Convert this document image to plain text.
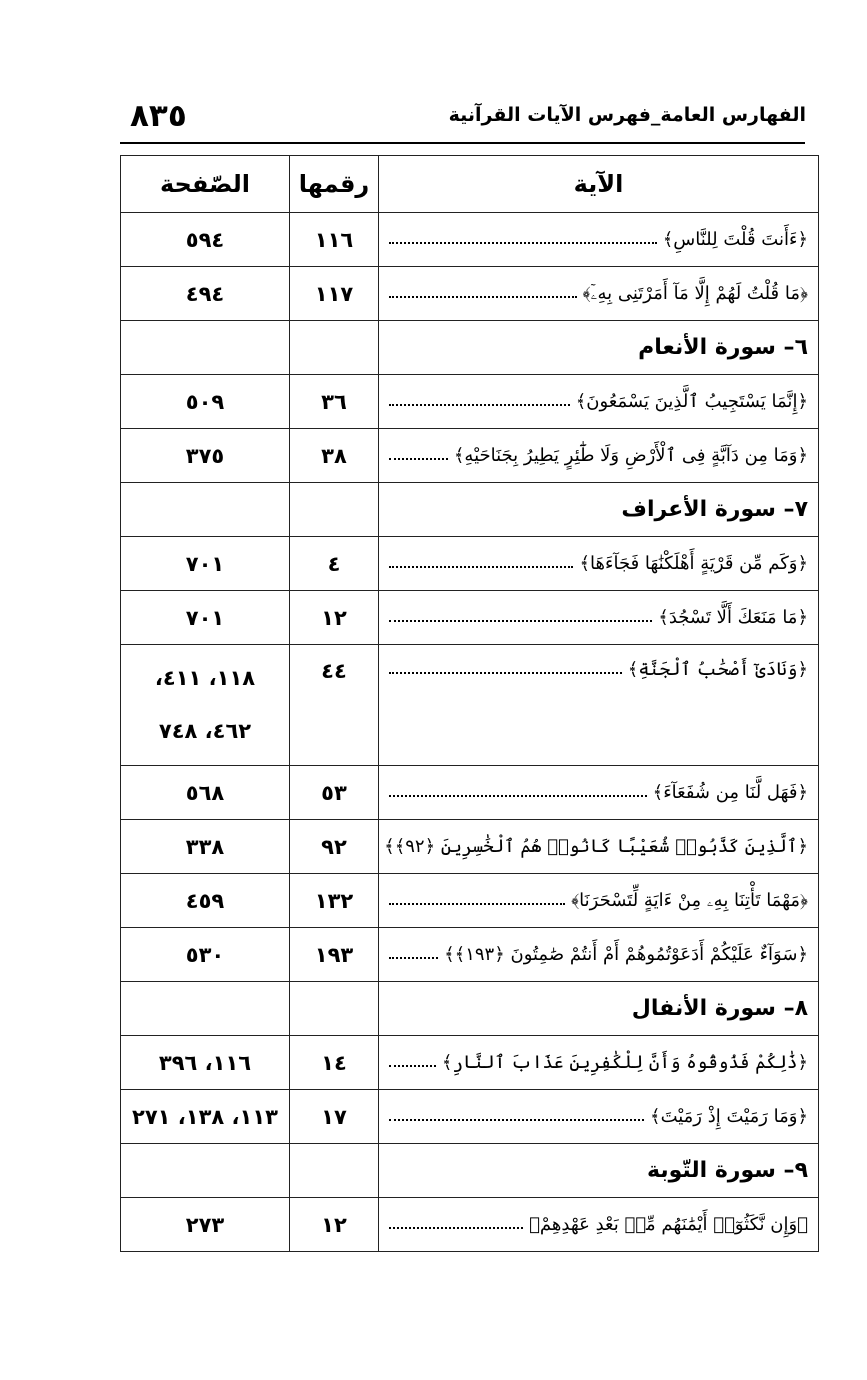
الفهارس العامة_فهرس الآيات القرآنية
٨٣٥
الآية	رقمها	الصّفحة

﴿ءَأَنتَ قُلْتَ لِلنَّاسِ﴾	١١٦	٥٩٤

﴿مَا قُلْتُ لَهُمْ إِلَّا مَآ أَمَرْتَنِى بِهِۦٓ﴾	١١٧	٤٩٤
٦– سورة الأنعام		

﴿إِنَّمَا يَسْتَجِيبُ ٱلَّذِينَ يَسْمَعُونَ﴾	٣٦	٥٠٩

﴿وَمَا مِن دَآبَّةٍ فِى ٱلْأَرْضِ وَلَا طَٰٓئِرٍ يَطِيرُ بِجَنَاحَيْهِ﴾	٣٨	٣٧٥
٧– سورة الأعراف		

﴿وَكَم مِّن قَرْيَةٍ أَهْلَكْنَٰهَا فَجَآءَهَا﴾	٤	٧٠١

﴿مَا مَنَعَكَ أَلَّا تَسْجُدَ﴾	١٢	٧٠١

﴿وَنَادَىٰٓ أَصْحَٰبُ ٱلْجَنَّةِ﴾	٤٤	١١٨، ٤١١،
٤٦٢، ٧٤٨

﴿فَهَل لَّنَا مِن شُفَعَآءَ﴾	٥٣	٥٦٨

﴿ٱلَّذِينَ كَذَّبُوا۟ شُعَيْبًا كَانُوا۟ هُمُ ٱلْخَٰسِرِينَ ﴿٩٢﴾﴾	٩٢	٣٣٨

﴿مَهْمَا تَأْتِنَا بِهِۦ مِنْ ءَايَةٍ لِّتَسْحَرَنَا﴾	١٣٢	٤٥٩

﴿سَوَآءٌ عَلَيْكُمْ أَدَعَوْتُمُوهُمْ أَمْ أَنتُمْ صَٰمِتُونَ ﴿١٩٣﴾﴾	١٩٣	٥٣٠
٨– سورة الأنفال		

﴿ذَٰلِكُمْ فَذُوقُوهُ وَأَنَّ لِلْكَٰفِرِينَ عَذَابَ ٱلنَّارِ﴾	١٤	١١٦، ٣٩٦

﴿وَمَا رَمَيْتَ إِذْ رَمَيْتَ﴾	١٧	١١٣، ١٣٨، ٢٧١
٩– سورة التّوبة		

﴿وَإِن نَّكَثُوٓا۟ أَيْمَٰنَهُم مِّنۢ بَعْدِ عَهْدِهِمْ﴾	١٢	٢٧٣
